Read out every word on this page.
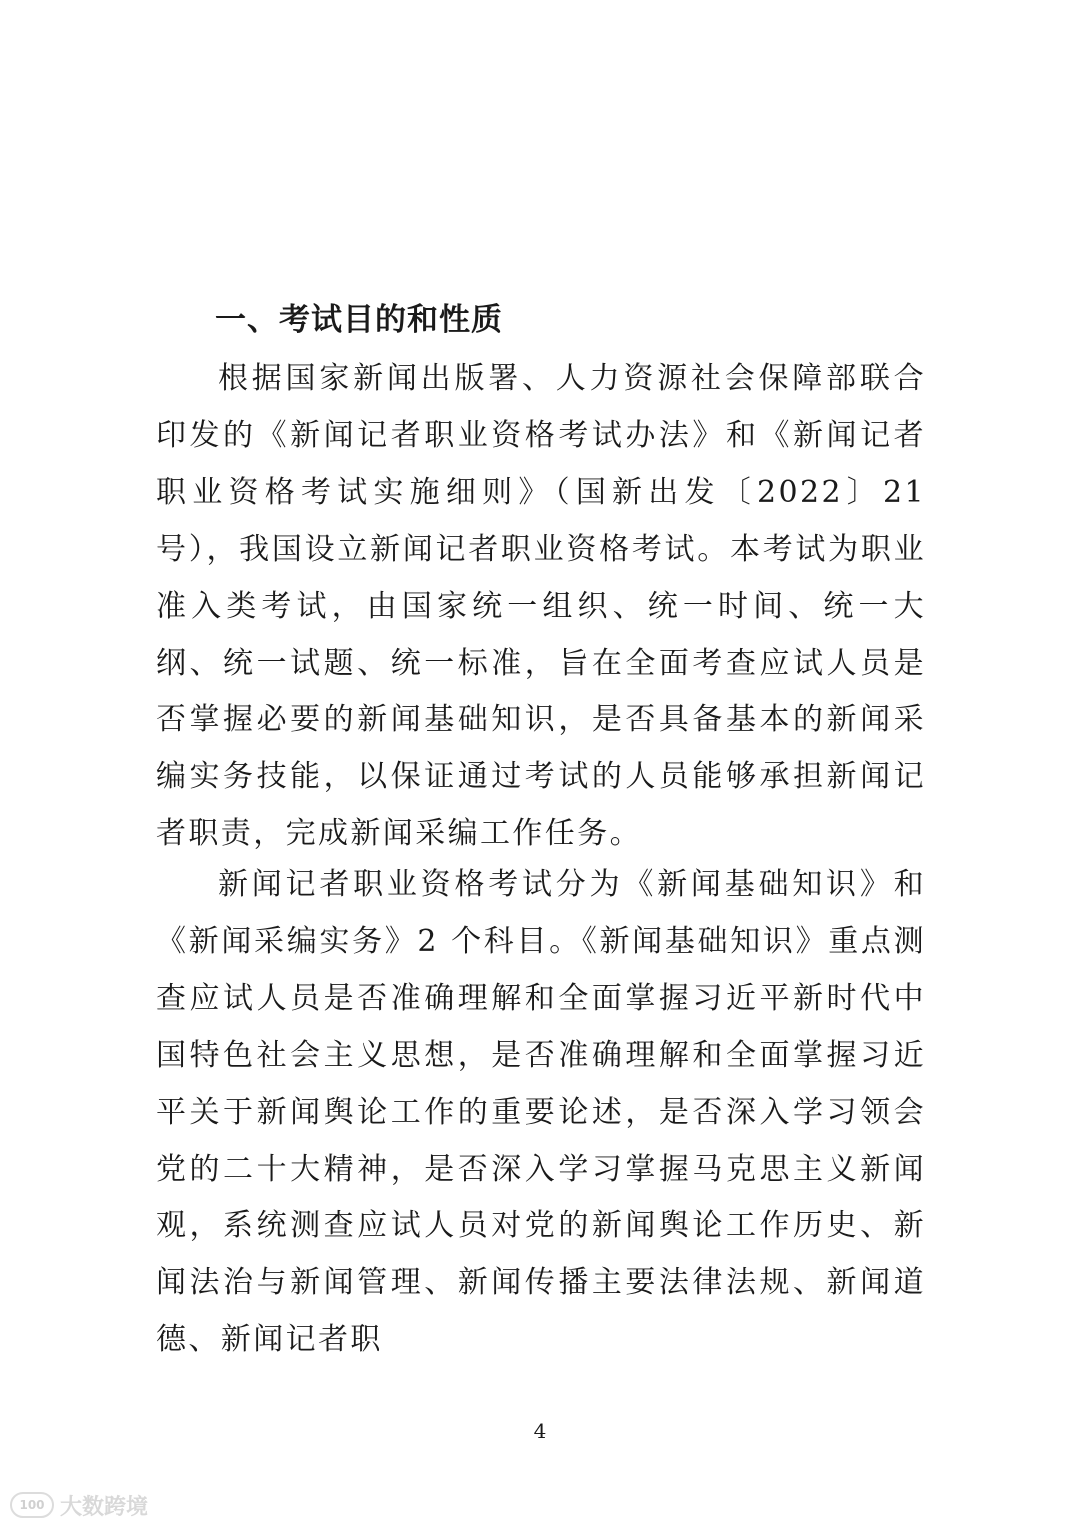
一、考试目的和性质

根据国家新闻出版署、人力资源社会保障部联合印发的《新闻记者职业资格考试办法》和《新闻记者职业资格考试实施细则》（国新出发〔2022〕21 号），我国设立新闻记者职业资格考试。本考试为职业准入类考试，由国家统一组织、统一时间、统一大纲、统一试题、统一标准，旨在全面考查应试人员是否掌握必要的新闻基础知识，是否具备基本的新闻采编实务技能，以保证通过考试的人员能够承担新闻记者职责，完成新闻采编工作任务。

新闻记者职业资格考试分为《新闻基础知识》和《新闻采编实务》2 个科目。《新闻基础知识》重点测查应试人员是否准确理解和全面掌握习近平新时代中国特色社会主义思想，是否准确理解和全面掌握习近平关于新闻舆论工作的重要论述，是否深入学习领会党的二十大精神，是否深入学习掌握马克思主义新闻观，系统测查应试人员对党的新闻舆论工作历史、新闻法治与新闻管理、新闻传播主要法律法规、新闻道德、新闻记者职

4
100 大数跨境
